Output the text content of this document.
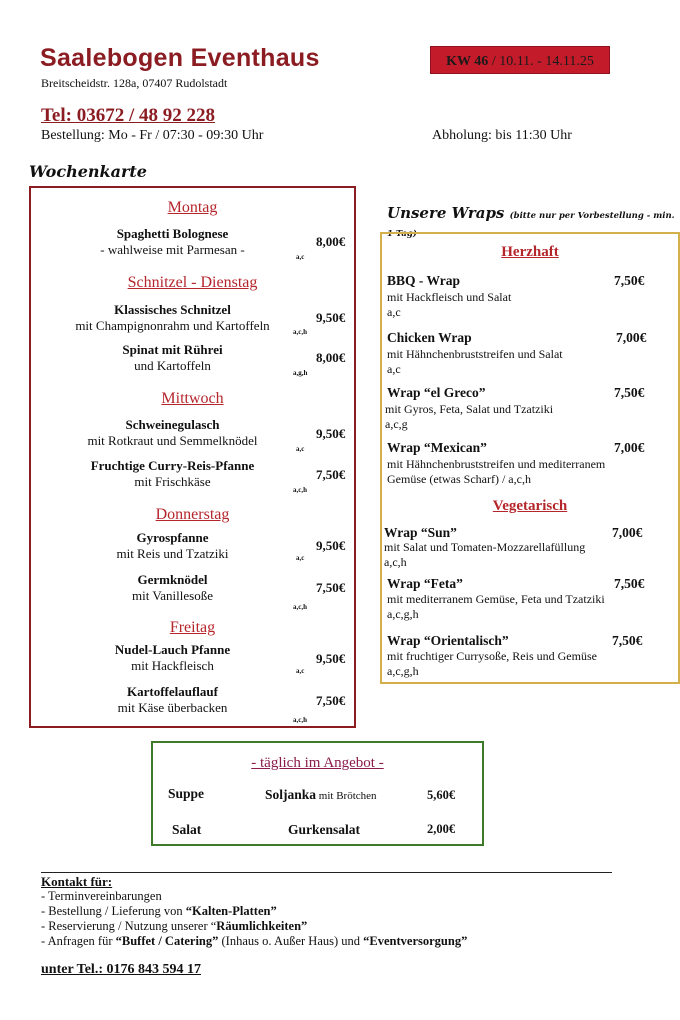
Saalebogen Eventhaus
Breitscheidstr. 128a, 07407 Rudolstadt
KW 46 / 10.11. - 14.11.25
Tel: 03672 / 48 92 228
Bestellung: Mo - Fr / 07:30 - 09:30 Uhr	Abholung: bis 11:30 Uhr
Wochenkarte
Montag
Spaghetti Bolognese
- wahlweise mit Parmesan -
8,00€
a,c
Schnitzel - Dienstag
Klassisches Schnitzel
mit Champignonrahm und Kartoffeln
9,50€
a,c,h
Spinat mit Rührei
und Kartoffeln
8,00€
a,g,h
Mittwoch
Schweinegulasch
mit Rotkraut und Semmelknödel	9,50€
a,c
Fruchtige Curry-Reis-Pfanne
mit Frischkäse	7,50€
a,c,h
Donnerstag
Gyrospfanne
mit Reis und Tzatziki
9,50€
a,c
Germknödel
mit Vanillesoße
7,50€
a,c,h
Freitag
Nudel-Lauch Pfanne
mit Hackfleisch	9,50€
a,c
Kartoffelauflauf
mit Käse überbacken	7,50€
a,c,h
Unsere Wraps (bitte nur per Vorbestellung - min. 1 Tag)
Herzhaft
BBQ - Wrap	7,50€
mit Hackfleisch und Salat
a,c
Chicken Wrap	7,00€
mit Hähnchenbruststreifen und Salat
a,c
Wrap “el Greco”	7,50€
mit Gyros, Feta, Salat und Tzatziki
a,c,g
Wrap “Mexican”	7,00€
mit Hähnchenbruststreifen und mediterranem
Gemüse (etwas Scharf) / a,c,h
Vegetarisch
Wrap “Sun”	7,00€
mit Salat und Tomaten-Mozzarellafüllung
a,c,h
Wrap “Feta”	7,50€
mit mediterranem Gemüse, Feta und Tzatziki
a,c,g,h
Wrap “Orientalisch”	7,50€
mit fruchtiger Currysoße, Reis und Gemüse
a,c,g,h
- täglich im Angebot -
Suppe	Soljanka mit Brötchen	5,60€
Salat	Gurkensalat	2,00€
Kontakt für:
- Terminvereinbarungen
- Bestellung / Lieferung von “Kalten-Platten”
- Reservierung / Nutzung unserer “Räumlichkeiten”
- Anfragen für “Buffet / Catering” (Inhaus o. Außer Haus) und “Eventversorgung”
unter Tel.: 0176 843 594 17
